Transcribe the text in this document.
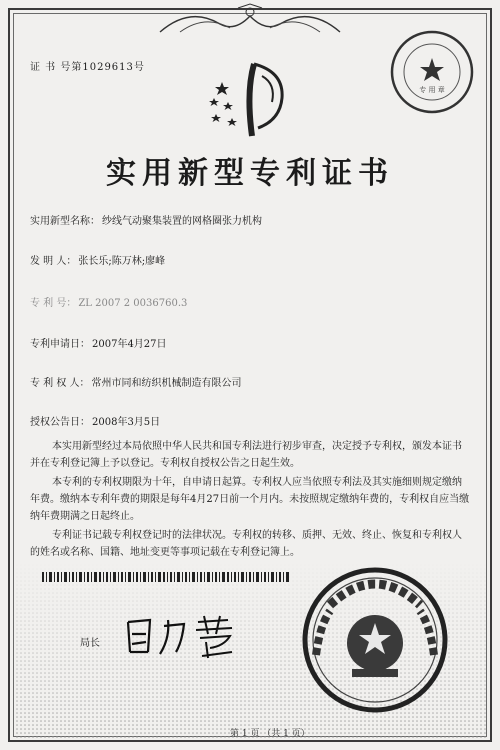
证 书 号第1029613号
专 用 章
实用新型专利证书
实用新型名称： 纱线气动聚集装置的网格圈张力机构
发 明 人： 张长乐;陈万林;廖峰
专 利 号： ZL 2007 2 0036760.3
专利申请日： 2007年4月27日
专 利 权 人： 常州市同和纺织机械制造有限公司
授权公告日： 2008年3月5日
本实用新型经过本局依照中华人民共和国专利法进行初步审查，决定授予专利权，颁发本证书并在专利登记簿上予以登记。专利权自授权公告之日起生效。
本专利的专利权期限为十年，自申请日起算。专利权人应当依照专利法及其实施细则规定缴纳年费。缴纳本专利年费的期限是每年4月27日前一个月内。未按照规定缴纳年费的，专利权自应当缴纳年费期满之日起终止。
专利证书记载专利权登记时的法律状况。专利权的转移、质押、无效、终止、恢复和专利权人的姓名或名称、国籍、地址变更等事项记载在专利登记簿上。
局长
第 1 页 （共 1 页）
